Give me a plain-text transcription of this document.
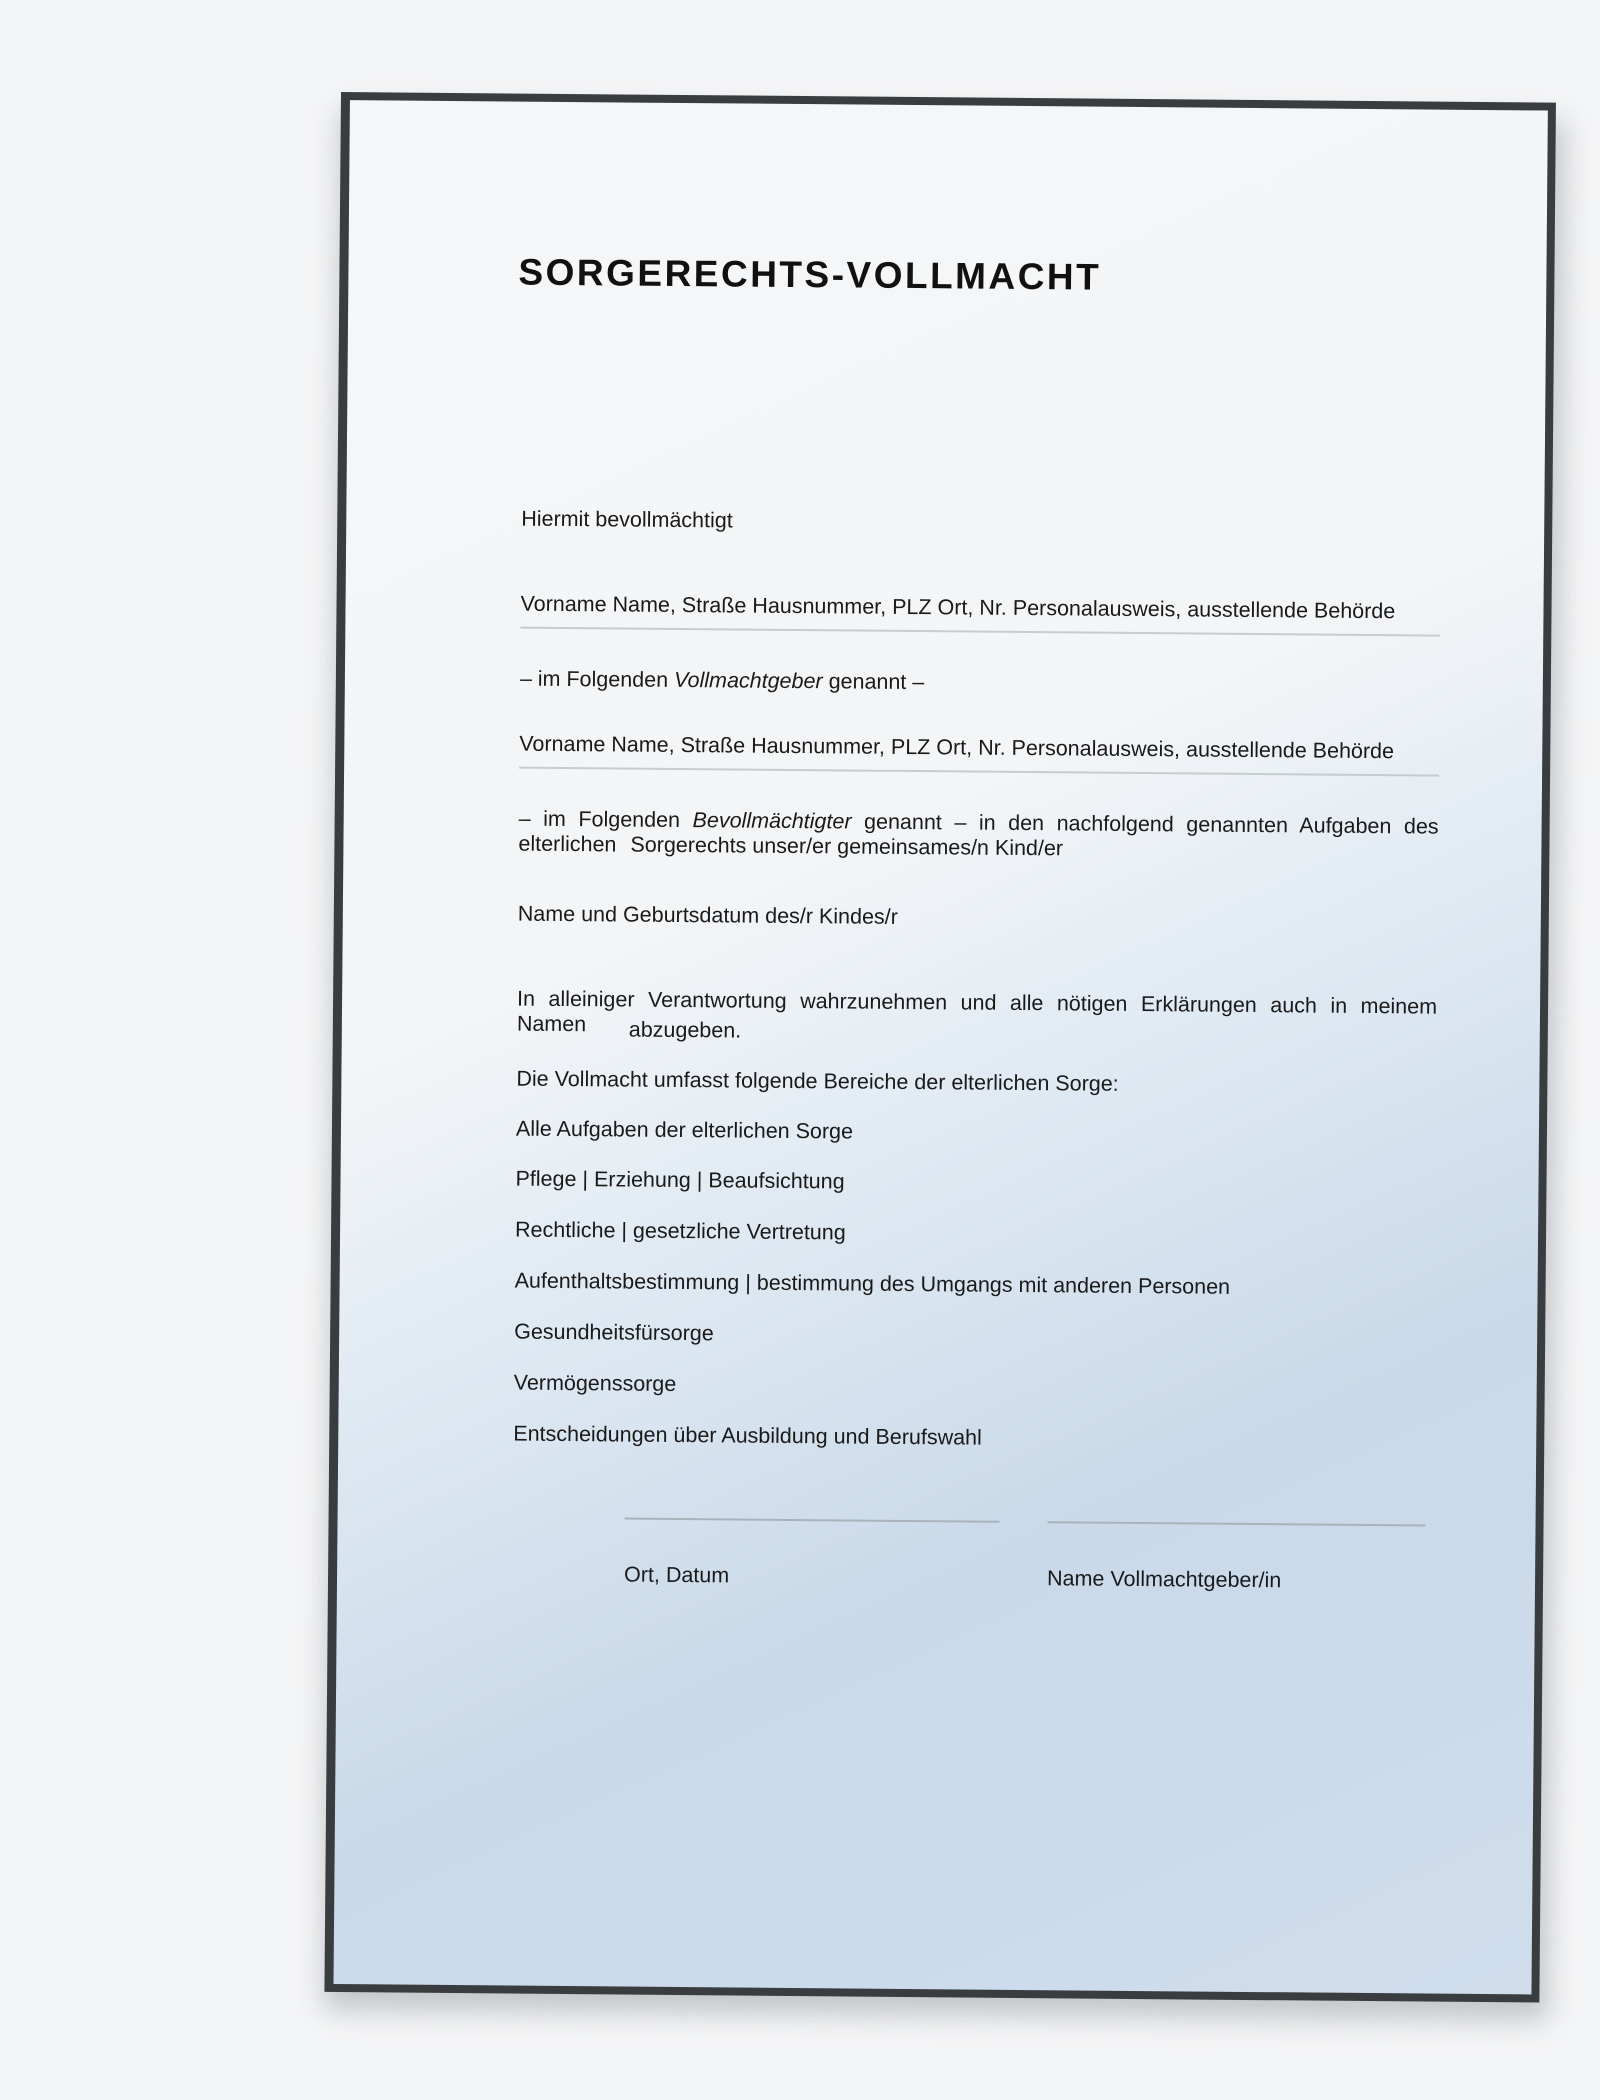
SORGERECHTS-VOLLMACHT
Hiermit bevollmächtigt
Vorname Name, Straße Hausnummer, PLZ Ort, Nr. Personalausweis, ausstellende Behörde
– im Folgenden Vollmachtgeber genannt –
Vorname Name, Straße Hausnummer, PLZ Ort, Nr. Personalausweis, ausstellende Behörde
– im Folgenden Bevollmächtigter genannt – in den nachfolgend genannten Aufgaben des elterlichen Sorgerechts unser/er gemeinsames/n Kind/er
Name und Geburtsdatum des/r Kindes/r
In alleiniger Verantwortung wahrzunehmen und alle nötigen Erklärungen auch in meinem Namen	abzugeben.
Die Vollmacht umfasst folgende Bereiche der elterlichen Sorge:
Alle Aufgaben der elterlichen Sorge
Pflege | Erziehung | Beaufsichtung
Rechtliche | gesetzliche Vertretung
Aufenthaltsbestimmung | bestimmung des Umgangs mit anderen Personen
Gesundheitsfürsorge
Vermögenssorge
Entscheidungen über Ausbildung und Berufswahl
Ort, Datum	Name Vollmachtgeber/in
